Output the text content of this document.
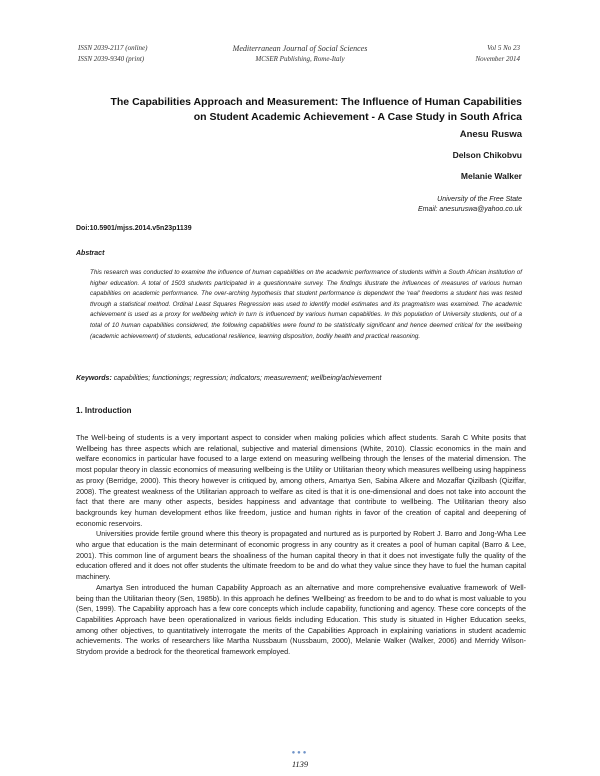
ISSN 2039-2117 (online)
ISSN 2039-9340 (print)
Mediterranean Journal of Social Sciences
MCSER Publishing, Rome-Italy
Vol 5 No 23
November 2014
The Capabilities Approach and Measurement: The Influence of Human Capabilities on Student Academic Achievement - A Case Study in South Africa
Anesu Ruswa
Delson Chikobvu
Melanie Walker
University of the Free State
Email: anesuruswa@yahoo.co.uk
Doi:10.5901/mjss.2014.v5n23p1139
Abstract
This research was conducted to examine the influence of human capabilities on the academic performance of students within a South African institution of higher education. A total of 1503 students participated in a questionnaire survey. The findings illustrate the influences of measures of various human capabilities on academic performance. The over-arching hypothesis that student performance is dependent the 'real' freedoms a student has was tested through a statistical method. Ordinal Least Squares Regression was used to identify model estimates and its pragmatism was examined. The academic achievement is used as a proxy for wellbeing which in turn is influenced by various human capabilities. In this population of University students, out of a total of 10 human capabilities considered, the following capabilities were found to be statistically significant and hence deemed critical for the wellbeing (academic achievement) of students, educational resilience, learning disposition, bodily health and practical reasoning.
Keywords: capabilities; functionings; regression; indicators; measurement; wellbeing/achievement
1. Introduction

The Well-being of students is a very important aspect to consider when making policies which affect students. Sarah C White posits that Wellbeing has three aspects which are relational, subjective and material dimensions (White, 2010). Classic economics in the main and welfare economics in particular have focused to a large extend on measuring wellbeing through the lenses of the material dimension. The most popular theory in classic economics of measuring wellbeing is the Utility or Utilitarian theory which measures wellbeing using happiness as proxy (Berridge, 2000). This theory however is critiqued by, among others, Amartya Sen, Sabina Alkere and Mozaffar Qizilbash (Qiziffar, 2008). The greatest weakness of the Utilitarian approach to welfare as cited is that it is one-dimensional and does not take into account the fact that there are many other aspects, besides happiness and advantage that contribute to wellbeing. The Utilitarian theory also backgrounds key human development ethos like freedom, justice and human rights in favor of the creation of capital and deepening of economic reservoirs.

Universities provide fertile ground where this theory is propagated and nurtured as is purported by Robert J. Barro and Jong-Wha Lee who argue that education is the main determinant of economic progress in any country as it creates a pool of human capital (Barro & Lee, 2001). This common line of argument bears the shoaliness of the human capital theory in that it does not investigate fully the quality of the education offered and it does not offer students the ultimate freedom to be and do what they value since they have to fuel the human capital machinery.

Amartya Sen introduced the human Capability Approach as an alternative and more comprehensive evaluative framework of Well-being than the Utilitarian theory (Sen, 1985b). In this approach he defines 'Wellbeing' as freedom to be and to do what is most valuable to you (Sen, 1999). The Capability approach has a few core concepts which include capability, functioning and agency. These core concepts of the Capabilities Approach have been operationalized in various fields including Education. This study is situated in Higher Education seeks, among other objectives, to quantitatively interrogate the merits of the Capabilities Approach in explaining variations in student academic achievements. The works of researchers like Martha Nussbaum (Nussbaum, 2000), Melanie Walker (Walker, 2006) and Merridy Wilson-Strydom provide a bedrock for the theoretical framework employed.

●●●
1139
